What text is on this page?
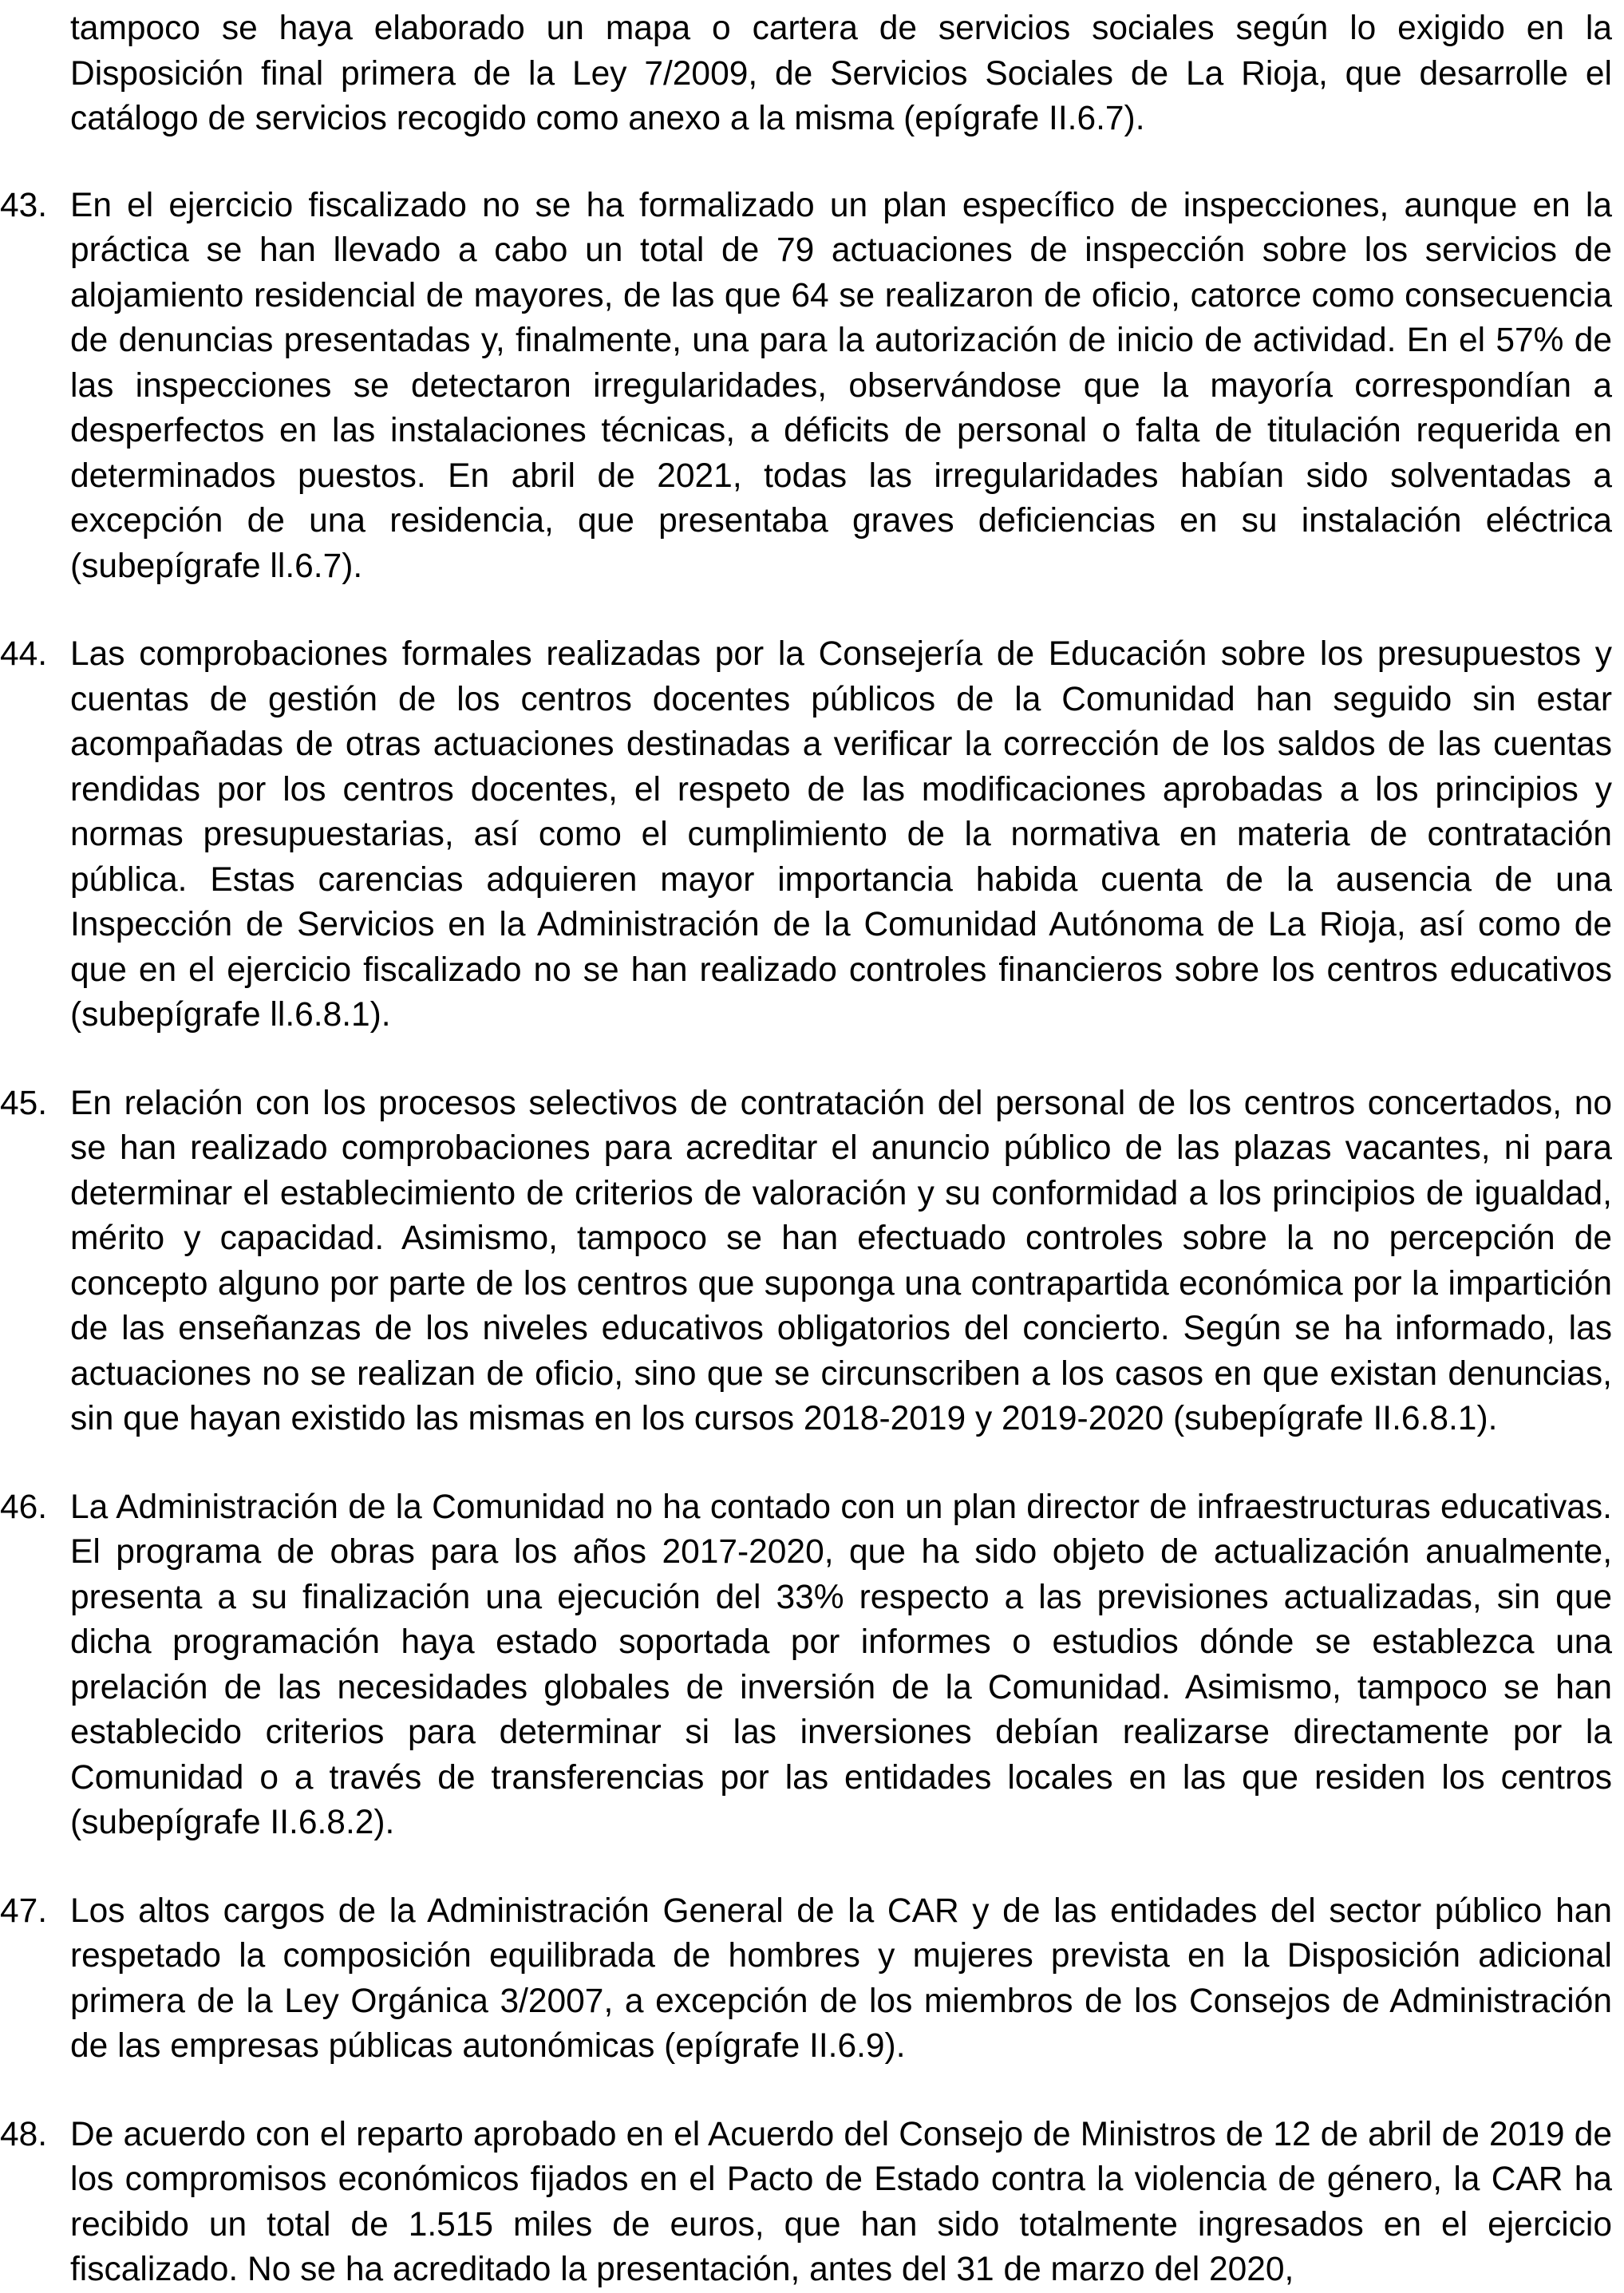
tampoco se haya elaborado un mapa o cartera de servicios sociales según lo exigido en la Disposición final primera de la Ley 7/2009, de Servicios Sociales de La Rioja, que desarrolle el catálogo de servicios recogido como anexo a la misma (epígrafe II.6.7).

43. En el ejercicio fiscalizado no se ha formalizado un plan específico de inspecciones, aunque en la práctica se han llevado a cabo un total de 79 actuaciones de inspección sobre los servicios de alojamiento residencial de mayores, de las que 64 se realizaron de oficio, catorce como consecuencia de denuncias presentadas y, finalmente, una para la autorización de inicio de actividad. En el 57% de las inspecciones se detectaron irregularidades, observándose que la mayoría correspondían a desperfectos en las instalaciones técnicas, a déficits de personal o falta de titulación requerida en determinados puestos. En abril de 2021, todas las irregularidades habían sido solventadas a excepción de una residencia, que presentaba graves deficiencias en su instalación eléctrica (subepígrafe ll.6.7).

44. Las comprobaciones formales realizadas por la Consejería de Educación sobre los presupuestos y cuentas de gestión de los centros docentes públicos de la Comunidad han seguido sin estar acompañadas de otras actuaciones destinadas a verificar la corrección de los saldos de las cuentas rendidas por los centros docentes, el respeto de las modificaciones aprobadas a los principios y normas presupuestarias, así como el cumplimiento de la normativa en materia de contratación pública. Estas carencias adquieren mayor importancia habida cuenta de la ausencia de una Inspección de Servicios en la Administración de la Comunidad Autónoma de La Rioja, así como de que en el ejercicio fiscalizado no se han realizado controles financieros sobre los centros educativos (subepígrafe ll.6.8.1).

45. En relación con los procesos selectivos de contratación del personal de los centros concertados, no se han realizado comprobaciones para acreditar el anuncio público de las plazas vacantes, ni para determinar el establecimiento de criterios de valoración y su conformidad a los principios de igualdad, mérito y capacidad. Asimismo, tampoco se han efectuado controles sobre la no percepción de concepto alguno por parte de los centros que suponga una contrapartida económica por la impartición de las enseñanzas de los niveles educativos obligatorios del concierto. Según se ha informado, las actuaciones no se realizan de oficio, sino que se circunscriben a los casos en que existan denuncias, sin que hayan existido las mismas en los cursos 2018-2019 y 2019-2020 (subepígrafe II.6.8.1).

46. La Administración de la Comunidad no ha contado con un plan director de infraestructuras educativas. El programa de obras para los años 2017-2020, que ha sido objeto de actualización anualmente, presenta a su finalización una ejecución del 33% respecto a las previsiones actualizadas, sin que dicha programación haya estado soportada por informes o estudios dónde se establezca una prelación de las necesidades globales de inversión de la Comunidad. Asimismo, tampoco se han establecido criterios para determinar si las inversiones debían realizarse directamente por la Comunidad o a través de transferencias por las entidades locales en las que residen los centros (subepígrafe II.6.8.2).

47. Los altos cargos de la Administración General de la CAR y de las entidades del sector público han respetado la composición equilibrada de hombres y mujeres prevista en la Disposición adicional primera de la Ley Orgánica 3/2007, a excepción de los miembros de los Consejos de Administración de las empresas públicas autonómicas (epígrafe II.6.9).

48. De acuerdo con el reparto aprobado en el Acuerdo del Consejo de Ministros de 12 de abril de 2019 de los compromisos económicos fijados en el Pacto de Estado contra la violencia de género, la CAR ha recibido un total de 1.515 miles de euros, que han sido totalmente ingresados en el ejercicio fiscalizado. No se ha acreditado la presentación, antes del 31 de marzo del 2020,
